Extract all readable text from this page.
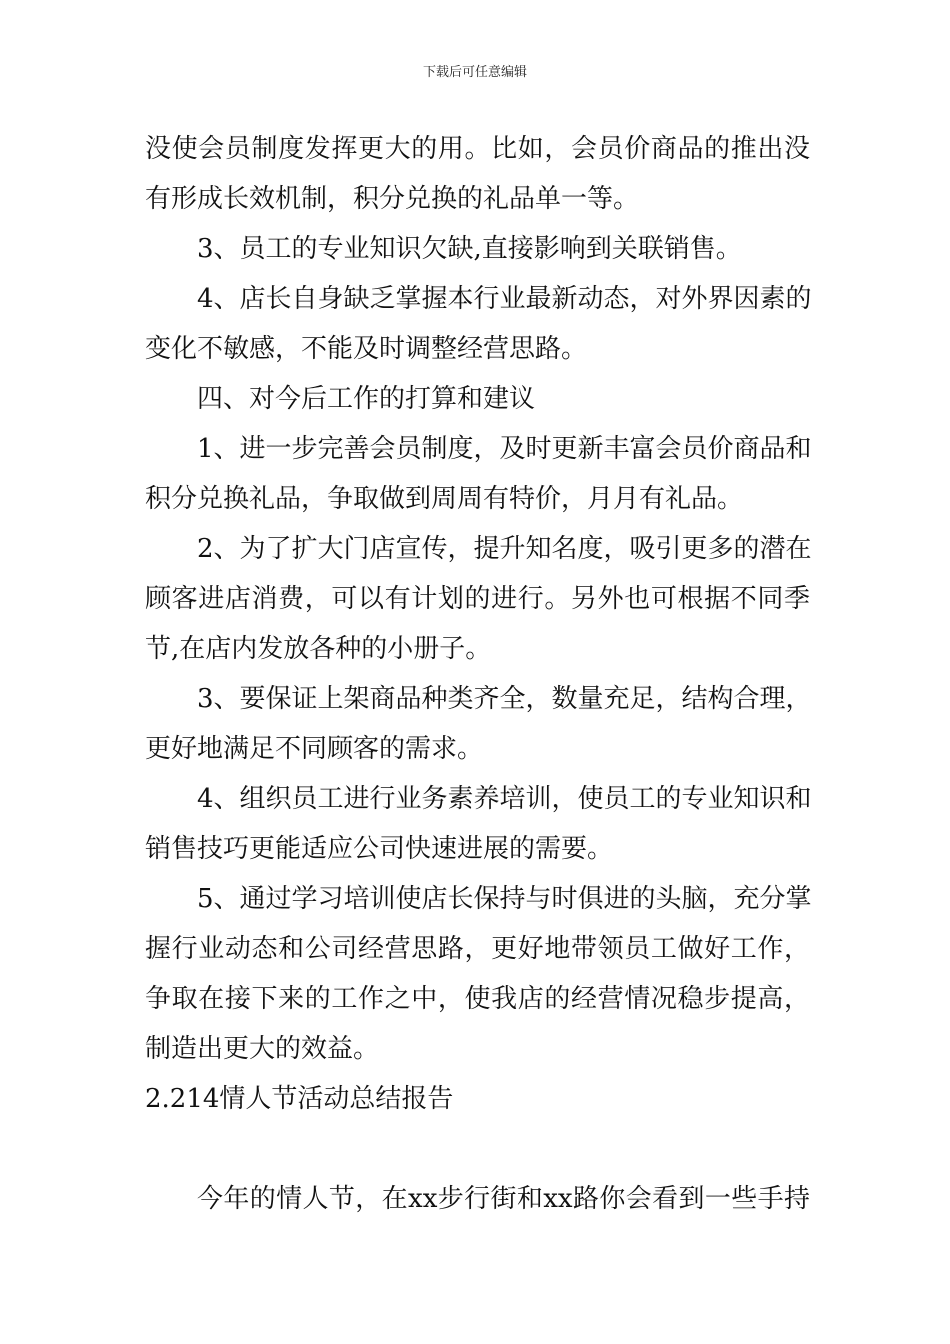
下载后可任意编辑
没使会员制度发挥更大的用。比如，会员价商品的推出没
有形成长效机制，积分兑换的礼品单一等。
3、员工的专业知识欠缺,直接影响到关联销售。
4、店长自身缺乏掌握本行业最新动态，对外界因素的
变化不敏感，不能及时调整经营思路。
四、对今后工作的打算和建议
1、进一步完善会员制度，及时更新丰富会员价商品和
积分兑换礼品，争取做到周周有特价，月月有礼品。
2、为了扩大门店宣传，提升知名度，吸引更多的潜在
顾客进店消费，可以有计划的进行。另外也可根据不同季
节,在店内发放各种的小册子。
3、要保证上架商品种类齐全，数量充足，结构合理，
更好地满足不同顾客的需求。
4、组织员工进行业务素养培训，使员工的专业知识和
销售技巧更能适应公司快速进展的需要。
5、通过学习培训使店长保持与时俱进的头脑，充分掌
握行业动态和公司经营思路，更好地带领员工做好工作，
争取在接下来的工作之中，使我店的经营情况稳步提高，
制造出更大的效益。
2.214情人节活动总结报告
今年的情人节，在xx步行街和xx路你会看到一些手持
